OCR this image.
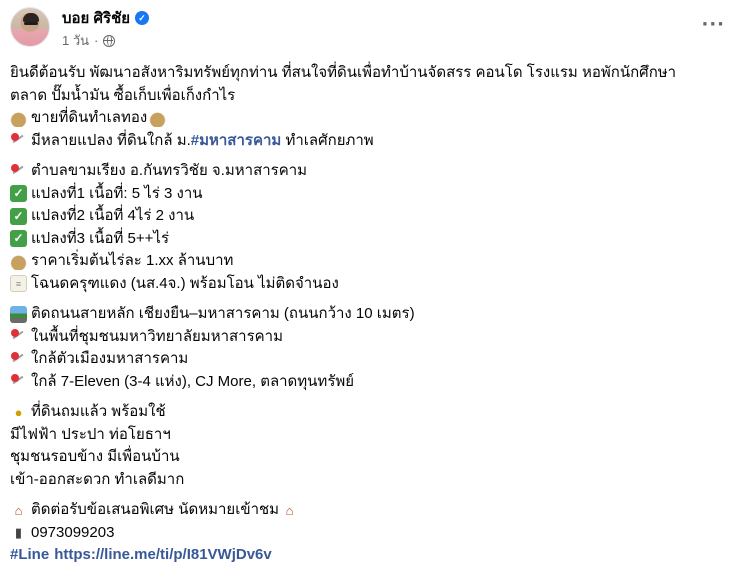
บอย ศิริชัย ✓
1 วัน ·
···
ยินดีต้อนรับ พัฒนาอสังหาริมทรัพย์ทุกท่าน ที่สนใจที่ดินเพื่อทำบ้านจัดสรร คอนโด โรงแรม หอพักนักศึกษา
ตลาด ปั๊มน้ำมัน ซื้อเก็บเพื่อเก็งกำไร
ขายที่ดินทำเลทอง
มีหลายแปลง ที่ดินใกล้ ม. #มหาสารคาม ทำเลศักยภาพ
ตำบลขามเรียง อ.กันทรวิชัย จ.มหาสารคาม
✓ แปลงที่1 เนื้อที่: 5 ไร่ 3 งาน
✓ แปลงที่2 เนื้อที่ 4ไร่ 2 งาน
✓ แปลงที่3 เนื้อที่ 5++ไร่
ราคาเริ่มต้นไร่ละ 1.xx ล้านบาท
≡ โฉนดครุฑแดง (นส.4จ.) พร้อมโอน ไม่ติดจำนอง
ติดถนนสายหลัก เชียงยืน–มหาสารคาม (ถนนกว้าง 10 เมตร)
ในพื้นที่ชุมชนมหาวิทยาลัยมหาสารคาม
ใกล้ตัวเมืองมหาสารคาม
ใกล้ 7-Eleven (3-4 แห่ง), CJ More, ตลาดทุนทรัพย์
● ที่ดินถมแล้ว พร้อมใช้
มีไฟฟ้า ประปา ท่อโยธาฯ
ชุมชนรอบข้าง มีเพื่อนบ้าน
เข้า-ออกสะดวก ทำเลดีมาก
⌂ ติดต่อรับข้อเสนอพิเศษ นัดหมายเข้าชม ⌂
▮ 0973099203
#Line https://line.me/ti/p/I81VWjDv6v
